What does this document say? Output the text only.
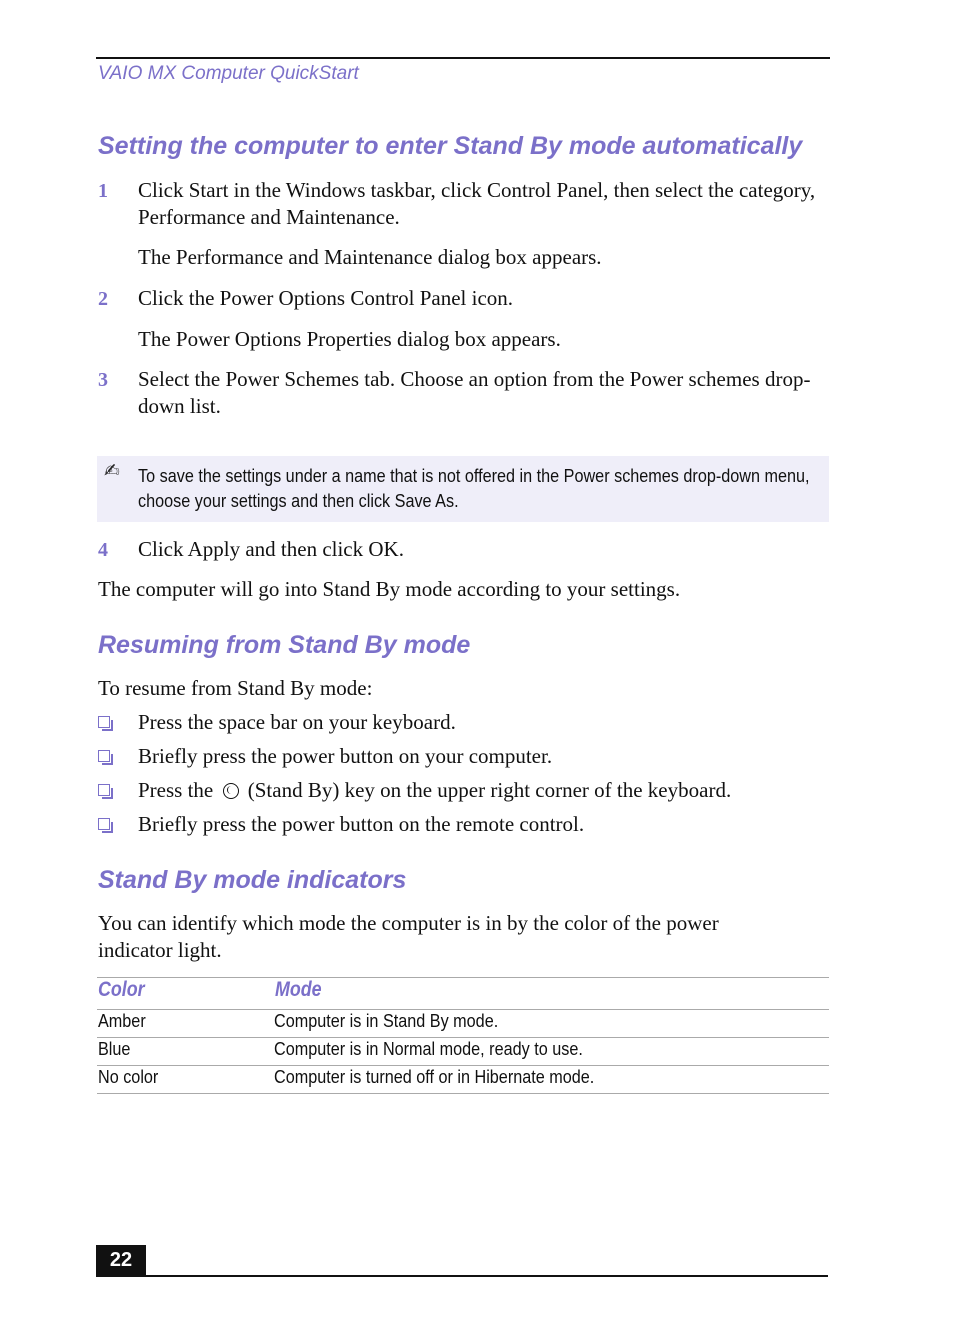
VAIO MX Computer QuickStart
Setting the computer to enter Stand By mode automatically
1 Click Start in the Windows taskbar, click Control Panel, then select the category, Performance and Maintenance.
The Performance and Maintenance dialog box appears.
2 Click the Power Options Control Panel icon.
The Power Options Properties dialog box appears.
3 Select the Power Schemes tab. Choose an option from the Power schemes drop-down list.
✍ To save the settings under a name that is not offered in the Power schemes drop-down menu, choose your settings and then click Save As.
4 Click Apply and then click OK.
The computer will go into Stand By mode according to your settings.
Resuming from Stand By mode
To resume from Stand By mode:
Press the space bar on your keyboard.
Briefly press the power button on your computer.
Press the (Stand By) key on the upper right corner of the keyboard.
Briefly press the power button on the remote control.
Stand By mode indicators
You can identify which mode the computer is in by the color of the power indicator light.
Color	Mode
Amber	Computer is in Stand By mode.
Blue	Computer is in Normal mode, ready to use.
No color	Computer is turned off or in Hibernate mode.
22
